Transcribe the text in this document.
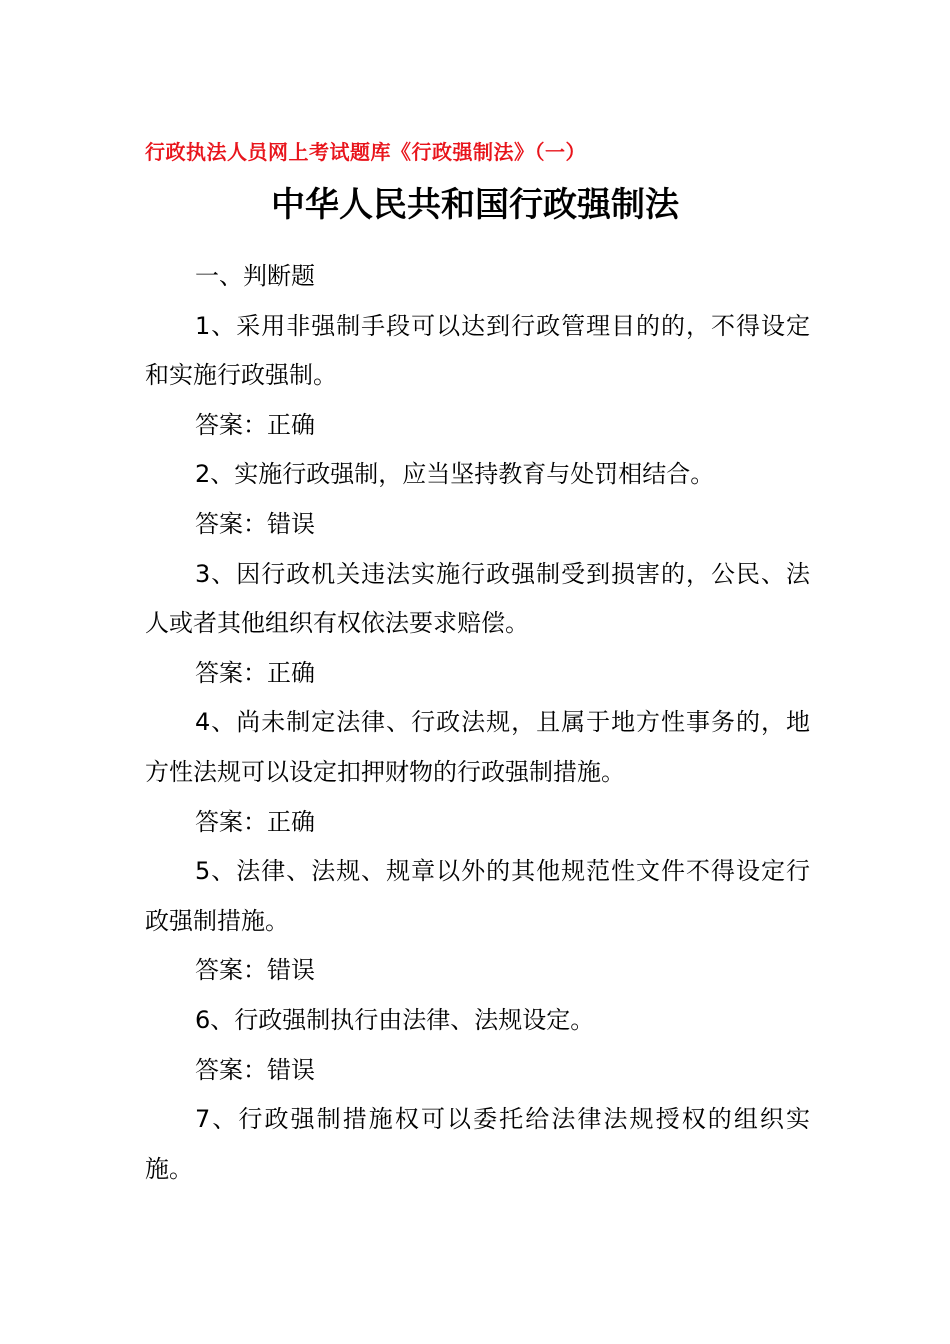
行政执法人员网上考试题库《行政强制法》（一）
中华人民共和国行政强制法

一、判断题

1、采用非强制手段可以达到行政管理目的的，不得设定和实施行政强制。

答案：正确

2、实施行政强制，应当坚持教育与处罚相结合。

答案：错误

3、因行政机关违法实施行政强制受到损害的，公民、法人或者其他组织有权依法要求赔偿。

答案：正确

4、尚未制定法律、行政法规，且属于地方性事务的，地方性法规可以设定扣押财物的行政强制措施。

答案：正确

5、法律、法规、规章以外的其他规范性文件不得设定行政强制措施。

答案：错误

6、行政强制执行由法律、法规设定。

答案：错误

7、行政强制措施权可以委托给法律法规授权的组织实施。
